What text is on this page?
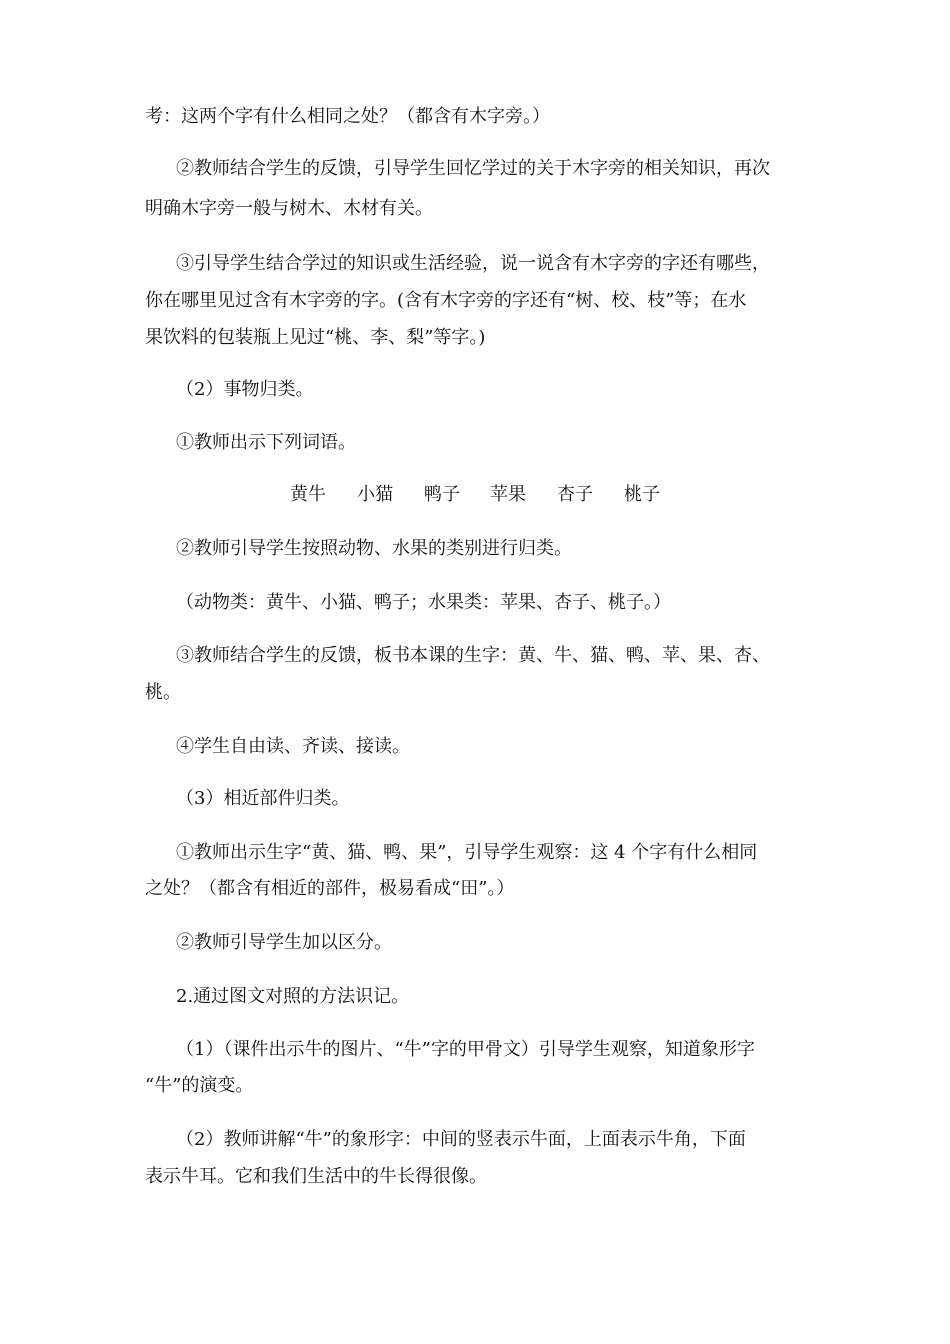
考：这两个字有什么相同之处？（都含有木字旁。）
②教师结合学生的反馈，引导学生回忆学过的关于木字旁的相关知识，再次
明确木字旁一般与树木、木材有关。
③引导学生结合学过的知识或生活经验，说一说含有木字旁的字还有哪些，
你在哪里见过含有木字旁的字。(含有木字旁的字还有“树、校、枝”等；在水
果饮料的包装瓶上见过“桃、李、梨”等字。)
（2）事物归类。
①教师出示下列词语。
黄牛 小猫 鸭子 苹果 杏子 桃子
②教师引导学生按照动物、水果的类别进行归类。
（动物类：黄牛、小猫、鸭子；水果类：苹果、杏子、桃子。）
③教师结合学生的反馈，板书本课的生字：黄、牛、猫、鸭、苹、果、杏、
桃。
④学生自由读、齐读、接读。
（3）相近部件归类。
①教师出示生字“黄、猫、鸭、果”，引导学生观察：这 4 个字有什么相同
之处？（都含有相近的部件，极易看成“田”。）
②教师引导学生加以区分。
2.通过图文对照的方法识记。
（1）（课件出示牛的图片、“牛”字的甲骨文）引导学生观察，知道象形字
“牛”的演变。
（2）教师讲解“牛”的象形字：中间的竖表示牛面，上面表示牛角，下面
表示牛耳。它和我们生活中的牛长得很像。
